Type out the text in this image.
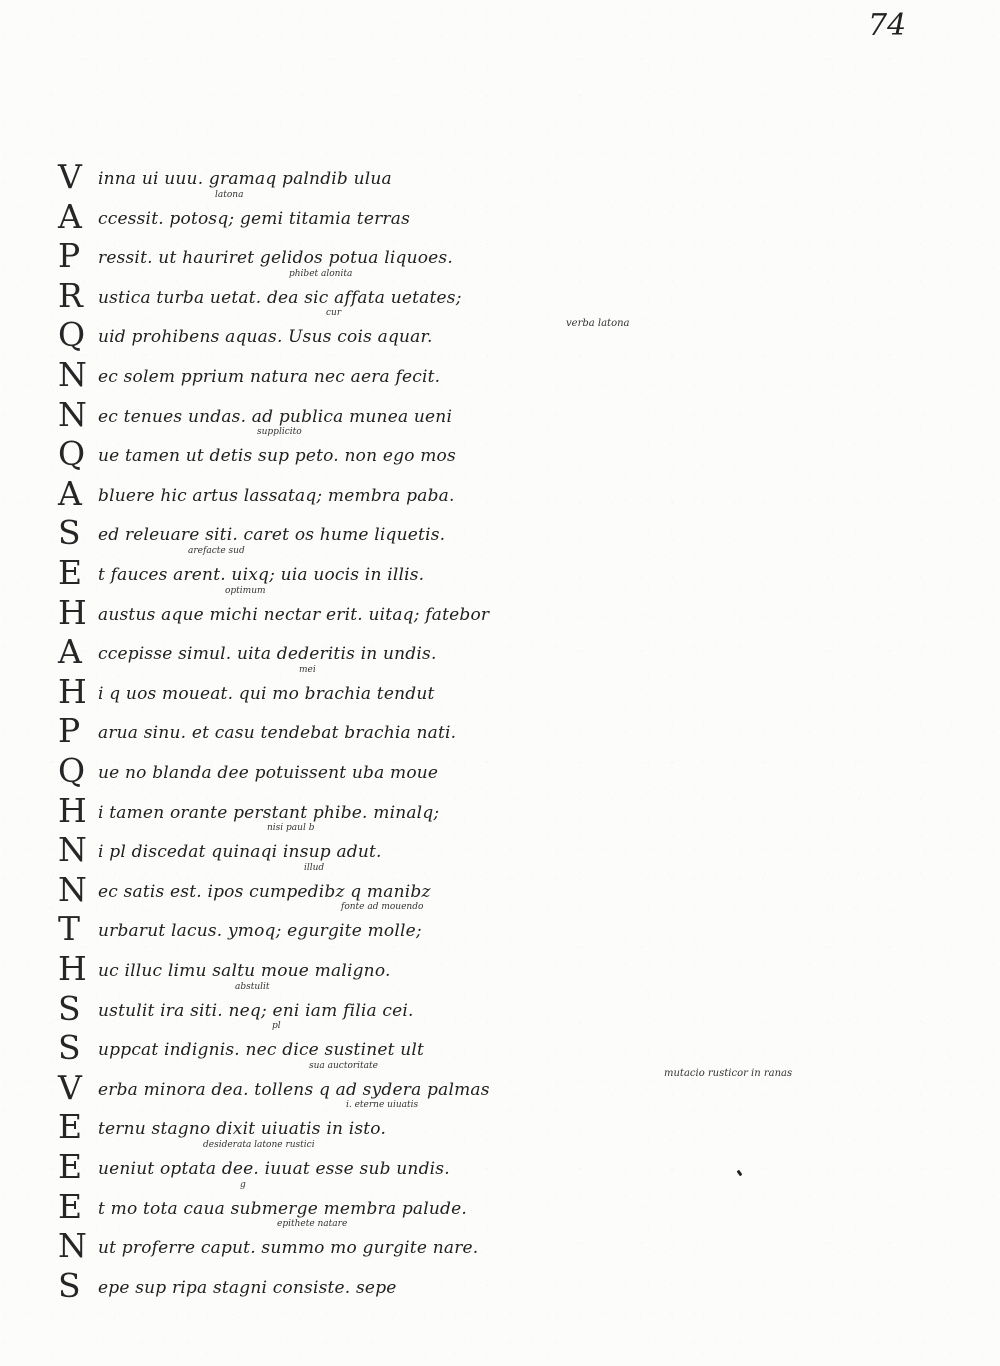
74
V inna ui uuu. gramaq palndib ulua
A
latona
ccessit. potosq; gemi titamia terras
P	ressit. ut hauriret gelidos potua liquoes.
R
phibet alonita
ustica turba uetat. dea sic affata uetates;
Q
cur
uid prohibens aquas. Usus cois aquar.
N ec solem pprium natura nec aera fecit.
N ec tenues undas. ad publica munea ueni
Q
supplicito
ue tamen ut detis sup peto. non ego mos
A bluere hic artus lassataq; membra paba.
S	ed releuare siti. caret os hume liquetis.
E
arefacte sud
t fauces arent. uixq; uia uocis in illis.
H
optimum
austus aque michi nectar erit. uitaq; fatebor
A ccepisse simul. uita dederitis in undis.
H
mei
i q uos moueat. qui mo brachia tendut
P	arua sinu. et casu tendebat brachia nati.
Q ue no blanda dee potuissent uba moue
H i tamen orante perstant phibe. minalq;
N
nisi paul b
i pl discedat quinaqi insup adut.
N
illud
ec satis est. ipos cumpedibz q manibz
T
fonte ad mouendo
urbarut lacus. ymoq; egurgite molle;
H uc illuc limu saltu moue maligno.
S
abstulit
ustulit ira siti. neq; eni iam filia cei.
S
pl
uppcat indignis. nec dice sustinet ult
V
sua auctoritate
erba minora dea. tollens q ad sydera palmas
E
i. eterne uiuatis
ternu stagno dixit uiuatis in isto.
E
desiderata latone rustici
ueniut optata dee. iuuat esse sub undis.
E
g
t mo tota caua submerge membra palude.
N
epithete natare
ut proferre caput. summo mo gurgite nare.
S	epe sup ripa stagni consiste. sepe
verba latona
mutacio rusticor in ranas
